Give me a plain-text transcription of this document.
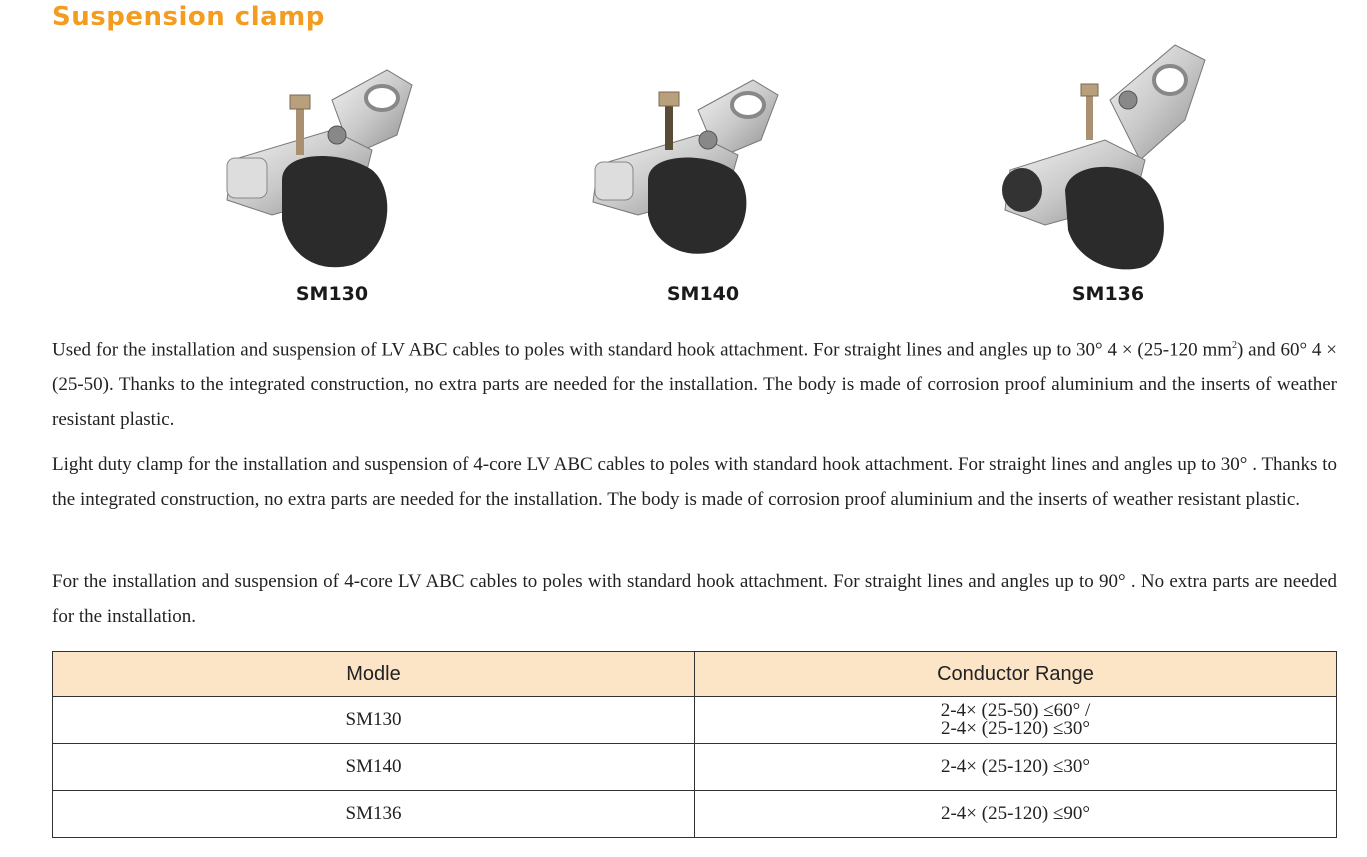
Suspension clamp
SM130	SM140	SM136

Used for the installation and suspension of LV ABC cables to poles with standard hook attachment. For straight lines and angles up to 30° 4 × (25-120 $mm^2$) and 60° 4 × (25-50). Thanks to the integrated construction, no extra parts are needed for the installation. The body is made of corrosion proof aluminium and the inserts of weather resistant plastic.

Light duty clamp for the installation and suspension of 4-core LV ABC cables to poles with standard hook attachment. For straight lines and angles up to 30° . Thanks to the integrated construction, no extra parts are needed for the installation. The body is made of corrosion proof aluminium and the inserts of weather resistant plastic.

For the installation and suspension of 4-core LV ABC cables to poles with standard hook attachment. For straight lines and angles up to 90° . No extra parts are needed for the installation.

Modle	Conductor Range
SM130	2-4× (25-50) ≤60° /
2-4× (25-120) ≤30°

SM140	2-4× (25-120) ≤30°
SM136	2-4× (25-120) ≤90°
